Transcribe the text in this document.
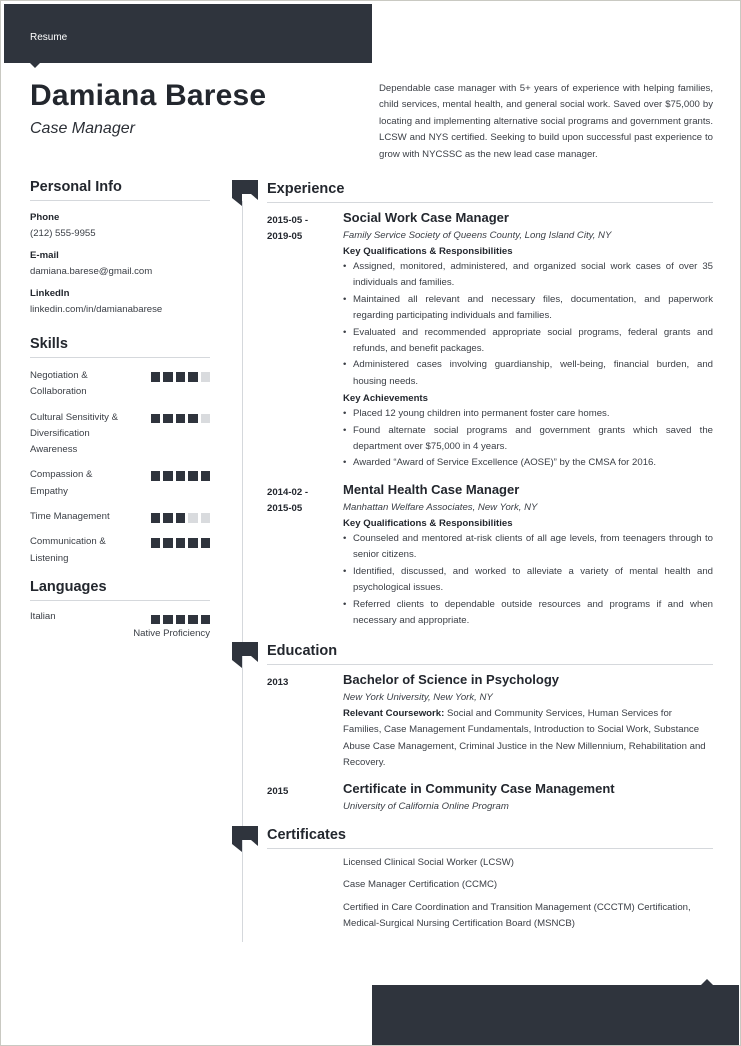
Resume
Damiana Barese
Case Manager
Dependable case manager with 5+ years of experience with helping families, child services, mental health, and general social work. Saved over $75,000 by locating and implementing alternative social programs and government grants. LCSW and NYS certified. Seeking to build upon successful past experience to grow with NYCSSC as the new lead case manager.
Personal Info
Phone
(212) 555-9955
E-mail
damiana.barese@gmail.com
LinkedIn
linkedin.com/in/damianabarese
Skills
Negotiation & Collaboration
Cultural Sensitivity & Diversification Awareness
Compassion & Empathy
Time Management
Communication & Listening
Languages
Italian
Native Proficiency
Experience
2015-05 -
2019-05
Social Work Case Manager
Family Service Society of Queens County, Long Island City, NY
Key Qualifications & Responsibilities
• Assigned, monitored, administered, and organized social work cases of over 35 individuals and families.
• Maintained all relevant and necessary files, documentation, and paperwork regarding participating individuals and families.
• Evaluated and recommended appropriate social programs, federal grants and refunds, and benefit packages.
• Administered cases involving guardianship, well-being, financial burden, and housing needs.
Key Achievements
• Placed 12 young children into permanent foster care homes.
• Found alternate social programs and government grants which saved the department over $75,000 in 4 years.
• Awarded “Award of Service Excellence (AOSE)” by the CMSA for 2016.
2014-02 -
2015-05
Mental Health Case Manager
Manhattan Welfare Associates, New York, NY
Key Qualifications & Responsibilities
• Counseled and mentored at-risk clients of all age levels, from teenagers through to senior citizens.
• Identified, discussed, and worked to alleviate a variety of mental health and psychological issues.
• Referred clients to dependable outside resources and programs if and when necessary and appropriate.
Education
2013	Bachelor of Science in Psychology
New York University, New York, NY
Relevant Coursework: Social and Community Services, Human Services for Families, Case Management Fundamentals, Introduction to Social Work, Substance Abuse Case Management, Criminal Justice in the New Millennium, Rehabilitation and Recovery.
2015	Certificate in Community Case Management
University of California Online Program
Certificates
Licensed Clinical Social Worker (LCSW)
Case Manager Certification (CCMC)
Certified in Care Coordination and Transition Management (CCCTM) Certification, Medical-Surgical Nursing Certification Board (MSNCB)
